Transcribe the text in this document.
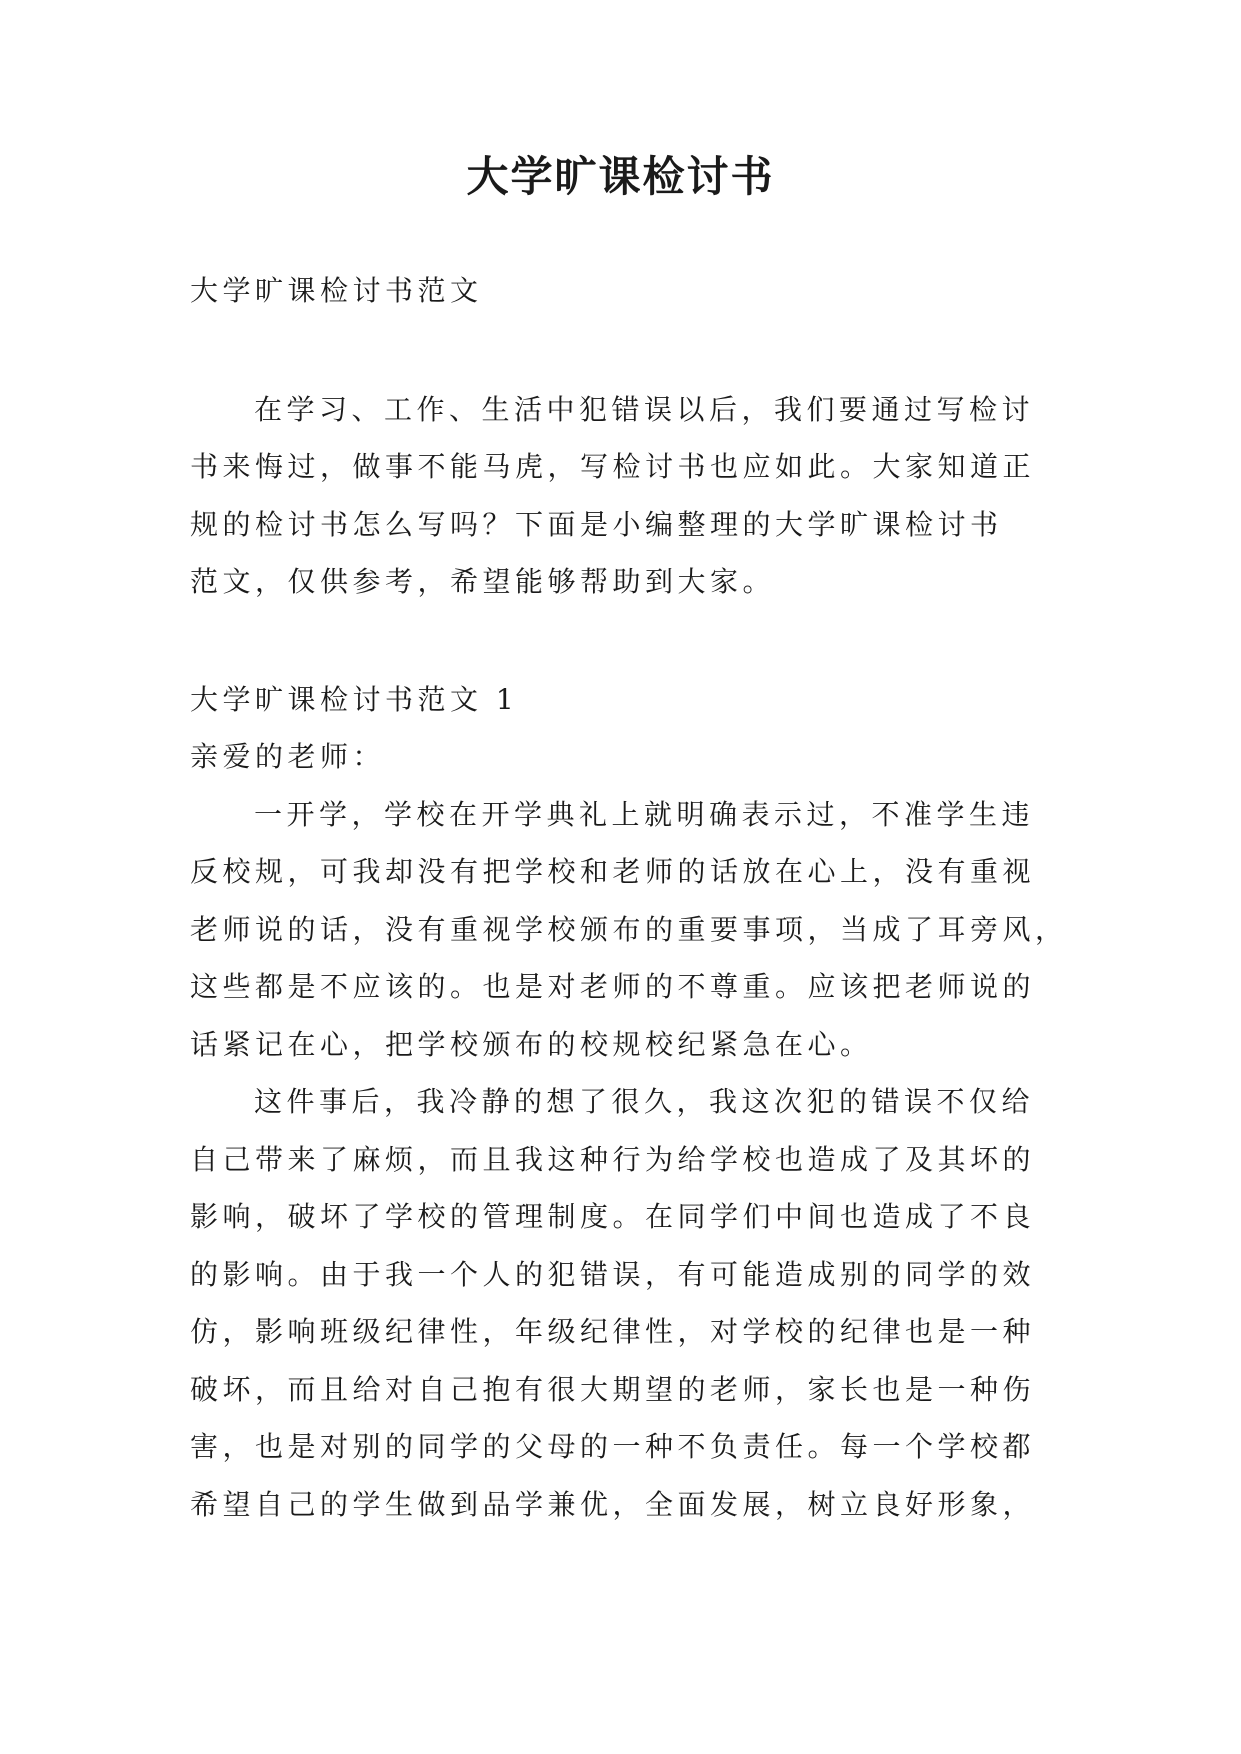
大学旷课检讨书
大学旷课检讨书范文
在学习、工作、生活中犯错误以后，我们要通过写检讨
书来悔过，做事不能马虎，写检讨书也应如此。大家知道正
规的检讨书怎么写吗？下面是小编整理的大学旷课检讨书
范文，仅供参考，希望能够帮助到大家。
大学旷课检讨书范文 1
亲爱的老师：
一开学，学校在开学典礼上就明确表示过，不准学生违
反校规，可我却没有把学校和老师的话放在心上，没有重视
老师说的话，没有重视学校颁布的重要事项，当成了耳旁风，
这些都是不应该的。也是对老师的不尊重。应该把老师说的
话紧记在心，把学校颁布的校规校纪紧急在心。
这件事后，我冷静的想了很久，我这次犯的错误不仅给
自己带来了麻烦，而且我这种行为给学校也造成了及其坏的
影响，破坏了学校的管理制度。在同学们中间也造成了不良
的影响。由于我一个人的犯错误，有可能造成别的同学的效
仿，影响班级纪律性，年级纪律性，对学校的纪律也是一种
破坏，而且给对自己抱有很大期望的老师，家长也是一种伤
害，也是对别的同学的父母的一种不负责任。每一个学校都
希望自己的学生做到品学兼优，全面发展，树立良好形象，
